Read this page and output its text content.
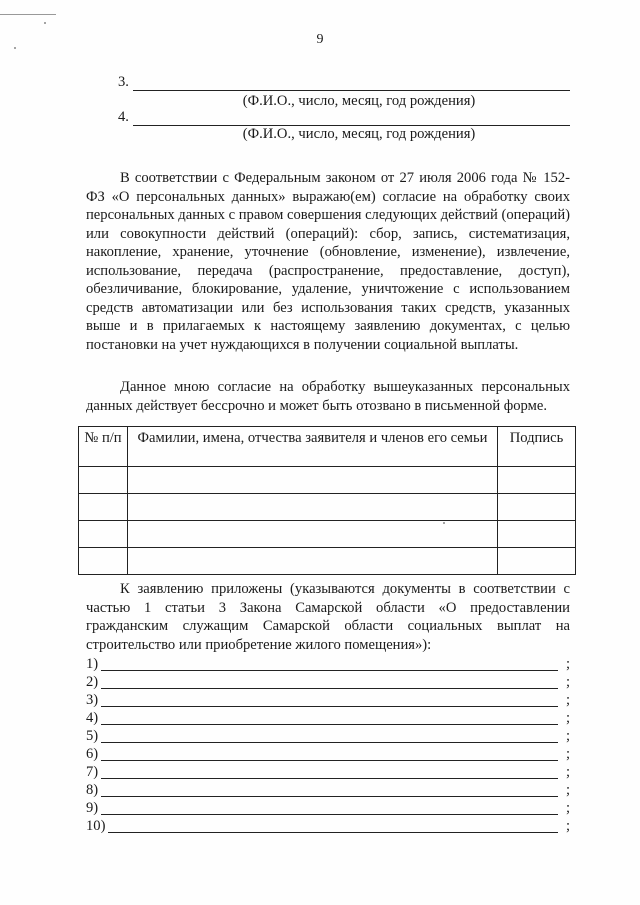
9
3.
(Ф.И.О., число, месяц, год рождения)
4.
(Ф.И.О., число, месяц, год рождения)

В соответствии с Федеральным законом от 27 июля 2006 года № 152-ФЗ «О персональных данных» выражаю(ем) согласие на обработку своих персональных данных с правом совершения следующих действий (операций) или совокупности действий (операций): сбор, запись, систематизация, накопление, хранение, уточнение (обновление, изменение), извлечение, использование, передача (распространение, предоставление, доступ), обезличивание, блокирование, удаление, уничтожение с использованием средств автоматизации или без использования таких средств, указанных выше и в прилагаемых к настоящему заявлению документах, с целью постановки на учет нуждающихся в получении социальной выплаты.

Данное мною согласие на обработку вышеуказанных персональных данных действует бессрочно и может быть отозвано в письменной форме.

№ п/п	Фамилии, имена, отчества заявителя и членов его семьи	Подпись

К заявлению приложены (указываются документы в соответствии с частью 1 статьи 3 Закона Самарской области «О предоставлении гражданским служащим Самарской области социальных выплат на строительство или приобретение жилого помещения»):

1)	;
2)	;
3)	;
4)	;
5)	;
6)	;
7)	;
8)	;
9)	;
10)	;
